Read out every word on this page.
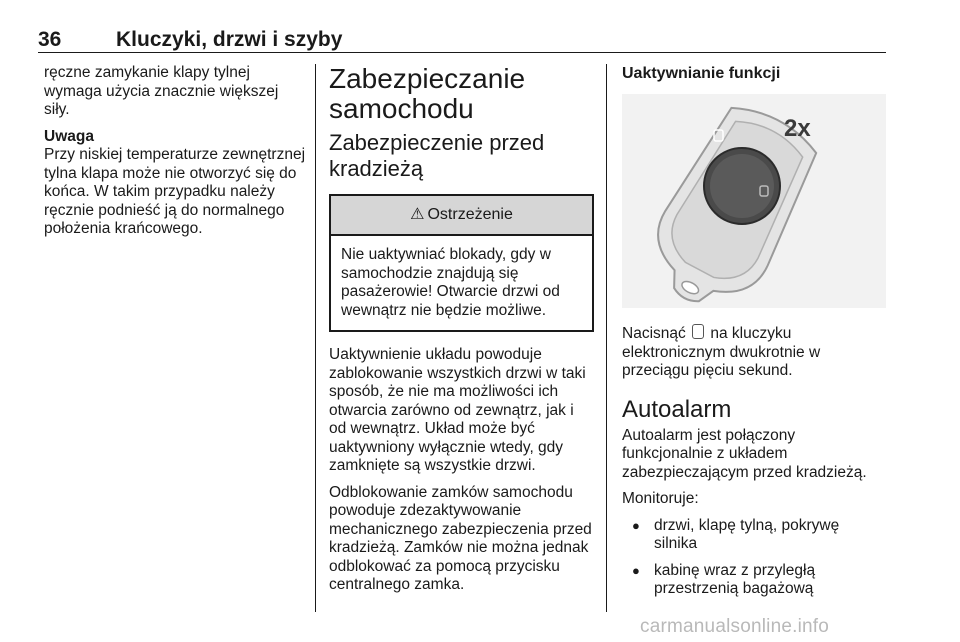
36	Kluczyki, drzwi i szyby

ręczne zamykanie klapy tylnej wymaga użycia znacznie większej siły.

Uwaga

Przy niskiej temperaturze zewnętrznej tylna klapa może nie otworzyć się do końca. W takim przypadku należy ręcznie podnieść ją do normalnego położenia krańcowego.

Zabezpieczanie samochodu
Zabezpieczenie przed kradzieżą
⚠ Ostrzeżenie
Nie uaktywniać blokady, gdy w samochodzie znajdują się pasażerowie! Otwarcie drzwi od wewnątrz nie będzie możliwe.

Uaktywnienie układu powoduje zablokowanie wszystkich drzwi w taki sposób, że nie ma możliwości ich otwarcia zarówno od zewnątrz, jak i od wewnątrz. Układ może być uaktywniony wyłącznie wtedy, gdy zamknięte są wszystkie drzwi.

Odblokowanie zamków samochodu powoduje zdezaktywowanie mechanicznego zabezpieczenia przed kradzieżą. Zamków nie można jednak odblokować za pomocą przycisku centralnego zamka.

Uaktywnianie funkcji
2x

Nacisnąć na kluczyku elektronicznym dwukrotnie w przeciągu pięciu sekund.

Autoalarm

Autoalarm jest połączony funkcjonalnie z układem zabezpieczającym przed kradzieżą.

Monitoruje:

● drzwi, klapę tylną, pokrywę silnika
● kabinę wraz z przyległą przestrzenią bagażową
carmanualsonline.info
